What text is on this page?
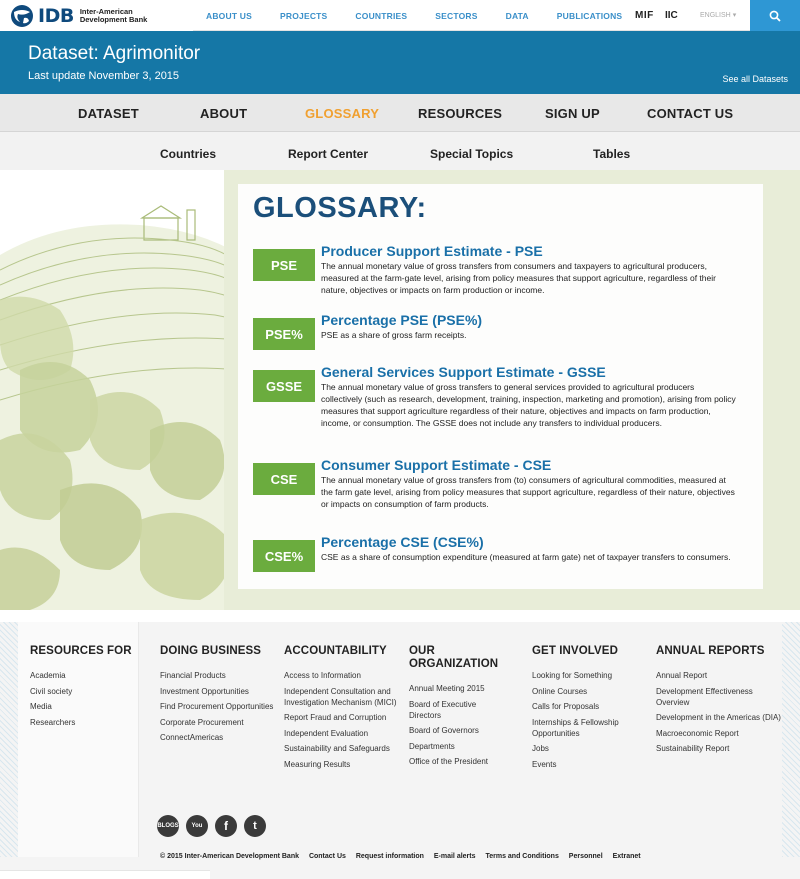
IDB Inter-American Development Bank	ABOUT US	PROJECTS	COUNTRIES	SECTORS	DATA	PUBLICATIONS MIF IIC	ENGLISH ▾
Dataset: Agrimonitor
Last update November 3, 2015	See all Datasets
DATASET	ABOUT	GLOSSARY	RESOURCES	SIGN UP	CONTACT US
Countries	Report Center	Special Topics	Tables
GLOSSARY:
PSE
Producer Support Estimate - PSE
The annual monetary value of gross transfers from consumers and taxpayers to agricultural producers, measured at the farm-gate level, arising from policy measures that support agriculture, regardless of their nature, objectives or impacts on farm production or income.
PSE%
Percentage PSE (PSE%)
PSE as a share of gross farm receipts.
GSSE
General Services Support Estimate - GSSE
The annual monetary value of gross transfers to general services provided to agricultural producers collectively (such as research, development, training, inspection, marketing and promotion), arising from policy measures that support agriculture regardless of their nature, objectives and impacts on farm production, income, or consumption. The GSSE does not include any transfers to individual producers.
CSE
Consumer Support Estimate - CSE
The annual monetary value of gross transfers from (to) consumers of agricultural commodities, measured at the farm gate level, arising from policy measures that support agriculture, regardless of their nature, objectives or impacts on consumption of farm products.
CSE%
Percentage CSE (CSE%)
CSE as a share of consumption expenditure (measured at farm gate) net of taxpayer transfers to consumers.
RESOURCES FOR
Academia
Civil society
Media
Researchers
DOING BUSINESS
Financial Products
Investment Opportunities
Find Procurement Opportunities
Corporate Procurement
ConnectAmericas
ACCOUNTABILITY
Access to Information
Independent Consultation and Investigation Mechanism (MICI)
Report Fraud and Corruption
Independent Evaluation
Sustainability and Safeguards
Measuring Results
OUR ORGANIZATION
Annual Meeting 2015
Board of Executive Directors
Board of Governors
Departments
Office of the President
GET INVOLVED
Looking for Something
Online Courses
Calls for Proposals
Internships & Fellowship Opportunities
Jobs
Events
ANNUAL REPORTS
Annual Report
Development Effectiveness Overview
Development in the Americas (DIA)
Macroeconomic Report
Sustainability Report
BLOGS	You	f	t
© 2015 Inter-American Development Bank Contact Us Request information E-mail alerts Terms and Conditions Personnel Extranet
